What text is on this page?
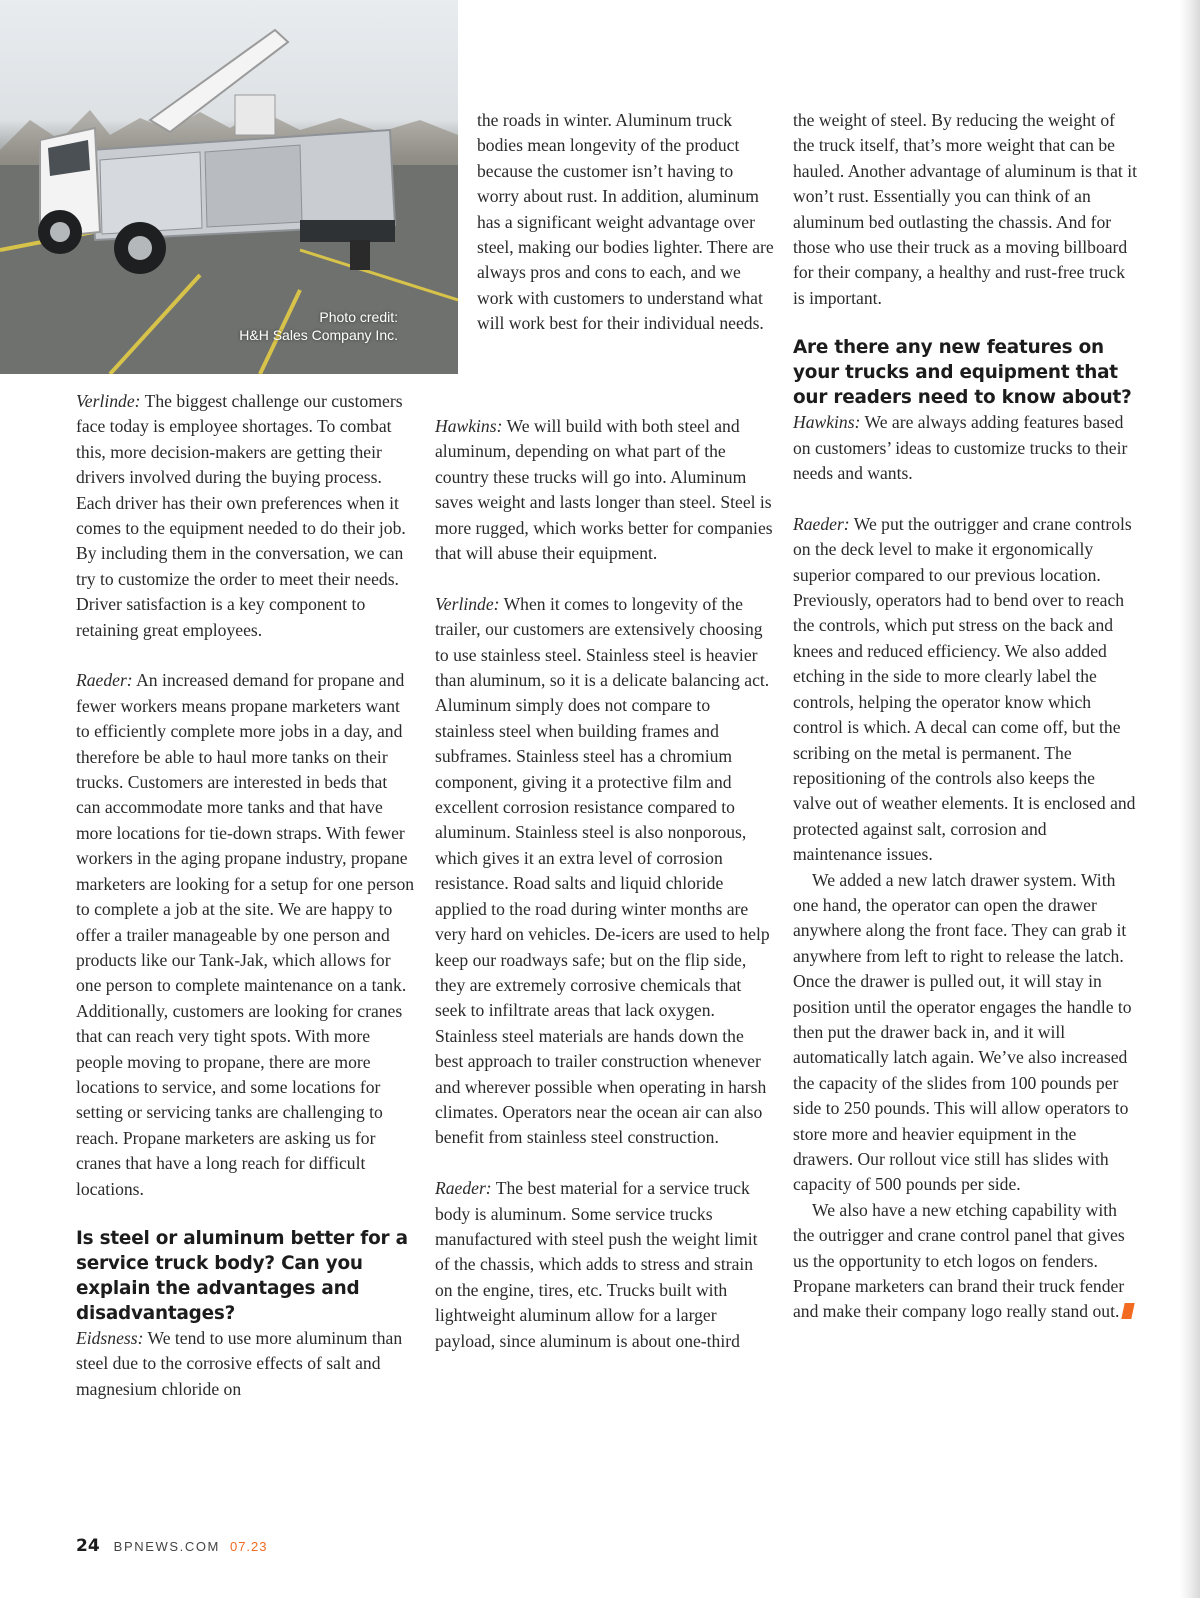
Photo credit:
H&H Sales Company Inc.

the roads in winter. Aluminum truck bodies mean longevity of the product because the customer isn’t having to worry about rust. In addition, aluminum has a significant weight advantage over steel, making our bodies lighter. There are always pros and cons to each, and we work with customers to understand what will work best for their individual needs.

Verlinde: The biggest challenge our customers face today is employee shortages. To combat this, more decision-makers are getting their drivers involved during the buying process. Each driver has their own preferences when it comes to the equipment needed to do their job. By including them in the conversation, we can try to customize the order to meet their needs. Driver satisfaction is a key component to retaining great employees.

Raeder: An increased demand for propane and fewer workers means propane marketers want to efficiently complete more jobs in a day, and therefore be able to haul more tanks on their trucks. Customers are interested in beds that can accommodate more tanks and that have more locations for tie-down straps. With fewer workers in the aging propane industry, propane marketers are looking for a setup for one person to complete a job at the site. We are happy to offer a trailer manageable by one person and products like our Tank-Jak, which allows for one person to complete maintenance on a tank. Additionally, customers are looking for cranes that can reach very tight spots. With more people moving to propane, there are more locations to service, and some locations for setting or servicing tanks are challenging to reach. Propane marketers are asking us for cranes that have a long reach for difficult locations.

Is steel or aluminum better for a service truck body? Can you explain the advantages and disadvantages?

Eidsness: We tend to use more aluminum than steel due to the corrosive effects of salt and magnesium chloride on

Hawkins: We will build with both steel and aluminum, depending on what part of the country these trucks will go into. Aluminum saves weight and lasts longer than steel. Steel is more rugged, which works better for companies that will abuse their equipment.

Verlinde: When it comes to longevity of the trailer, our customers are extensively choosing to use stainless steel. Stainless steel is heavier than aluminum, so it is a delicate balancing act. Aluminum simply does not compare to stainless steel when building frames and subframes. Stainless steel has a chromium component, giving it a protective film and excellent corrosion resistance compared to aluminum. Stainless steel is also nonporous, which gives it an extra level of corrosion resistance. Road salts and liquid chloride applied to the road during winter months are very hard on vehicles. De-icers are used to help keep our roadways safe; but on the flip side, they are extremely corrosive chemicals that seek to infiltrate areas that lack oxygen. Stainless steel materials are hands down the best approach to trailer construction whenever and wherever possible when operating in harsh climates. Operators near the ocean air can also benefit from stainless steel construction.

Raeder: The best material for a service truck body is aluminum. Some service trucks manufactured with steel push the weight limit of the chassis, which adds to stress and strain on the engine, tires, etc. Trucks built with lightweight aluminum allow for a larger payload, since aluminum is about one-third

the weight of steel. By reducing the weight of the truck itself, that’s more weight that can be hauled. Another advantage of aluminum is that it won’t rust. Essentially you can think of an aluminum bed outlasting the chassis. And for those who use their truck as a moving billboard for their company, a healthy and rust-free truck is important.

Are there any new features on your trucks and equipment that our readers need to know about?

Hawkins: We are always adding features based on customers’ ideas to customize trucks to their needs and wants.

Raeder: We put the outrigger and crane controls on the deck level to make it ergonomically superior compared to our previous location. Previously, operators had to bend over to reach the controls, which put stress on the back and knees and reduced efficiency. We also added etching in the side to more clearly label the controls, helping the operator know which control is which. A decal can come off, but the scribing on the metal is permanent. The repositioning of the controls also keeps the valve out of weather elements. It is enclosed and protected against salt, corrosion and maintenance issues.

We added a new latch drawer system. With one hand, the operator can open the drawer anywhere along the front face. They can grab it anywhere from left to right to release the latch. Once the drawer is pulled out, it will stay in position until the operator engages the handle to then put the drawer back in, and it will automatically latch again. We’ve also increased the capacity of the slides from 100 pounds per side to 250 pounds. This will allow operators to store more and heavier equipment in the drawers. Our rollout vice still has slides with capacity of 500 pounds per side.

We also have a new etching capability with the outrigger and crane control panel that gives us the opportunity to etch logos on fenders. Propane marketers can brand their truck fender and make their company logo really stand out.

24 BPNEWS.COM 07.23
